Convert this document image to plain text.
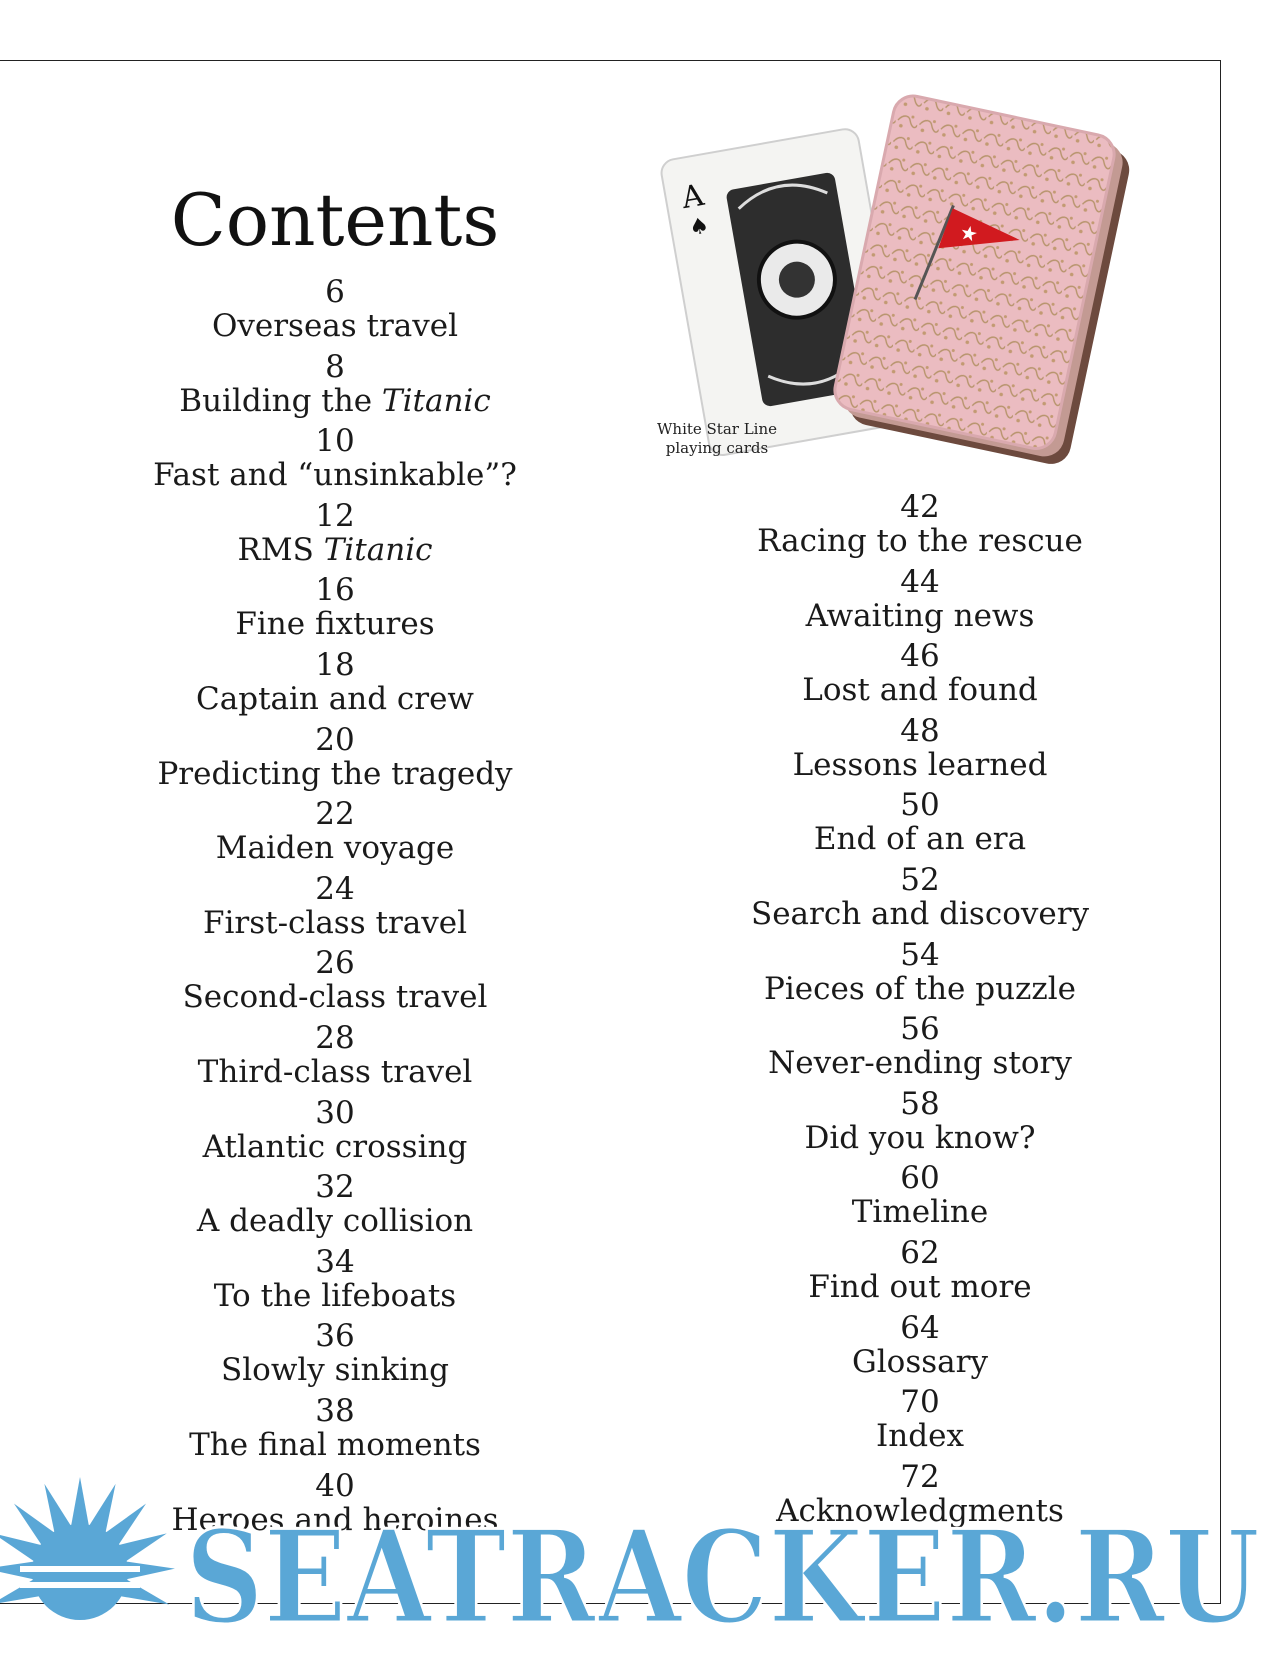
Contents
6
Overseas travel
8
Building the Titanic
10
Fast and “unsinkable”?
12
RMS Titanic
16
Fine fixtures
18
Captain and crew
20
Predicting the tragedy
22
Maiden voyage
24
First-class travel
26
Second-class travel
28
Third-class travel
30
Atlantic crossing
32
A deadly collision
34
To the lifeboats
36
Slowly sinking
38
The final moments
40
Heroes and heroines
42
Racing to the rescue
44
Awaiting news
46
Lost and found
48
Lessons learned
50
End of an era
52
Search and discovery
54
Pieces of the puzzle
56
Never-ending story
58
Did you know?
60
Timeline
62
Find out more
64
Glossary
70
Index
72
Acknowledgments
A
♠	★
White Star Line
playing cards
SEATRACKER.RU
